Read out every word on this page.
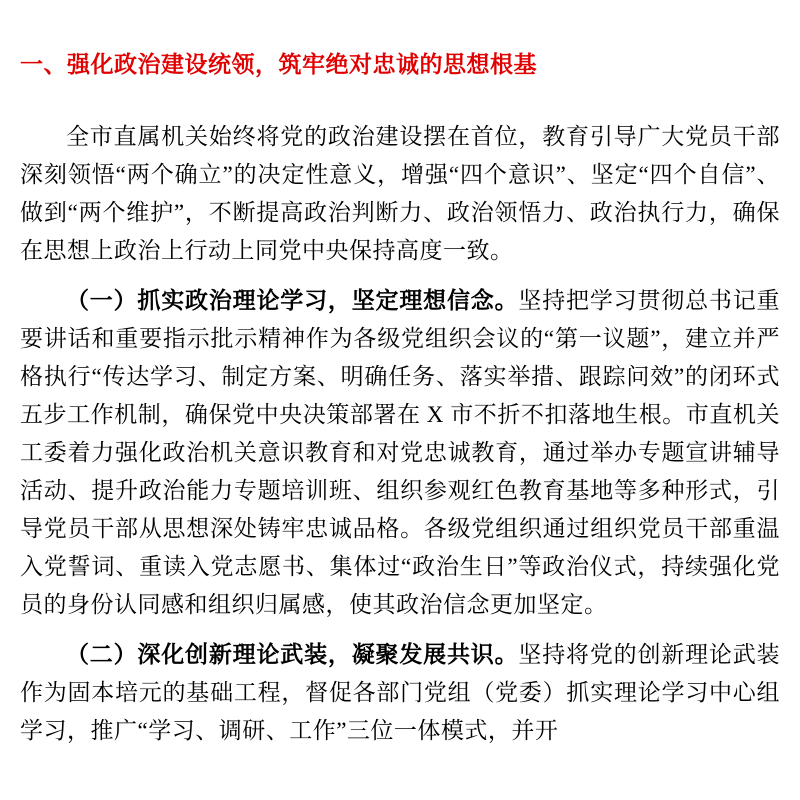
一、强化政治建设统领，筑牢绝对忠诚的思想根基

全市直属机关始终将党的政治建设摆在首位，教育引导广大党员干部深刻领悟“两个确立”的决定性意义，增强“四个意识”、坚定“四个自信”、做到“两个维护”，不断提高政治判断力、政治领悟力、政治执行力，确保在思想上政治上行动上同党中央保持高度一致。

（一）抓实政治理论学习，坚定理想信念。坚持把学习贯彻总书记重要讲话和重要指示批示精神作为各级党组织会议的“第一议题”，建立并严格执行“传达学习、制定方案、明确任务、落实举措、跟踪问效”的闭环式五步工作机制，确保党中央决策部署在 X 市不折不扣落地生根。市直机关工委着力强化政治机关意识教育和对党忠诚教育，通过举办专题宣讲辅导活动、提升政治能力专题培训班、组织参观红色教育基地等多种形式，引导党员干部从思想深处铸牢忠诚品格。各级党组织通过组织党员干部重温入党誓词、重读入党志愿书、集体过“政治生日”等政治仪式，持续强化党员的身份认同感和组织归属感，使其政治信念更加坚定。

（二）深化创新理论武装，凝聚发展共识。坚持将党的创新理论武装作为固本培元的基础工程，督促各部门党组（党委）抓实理论学习中心组学习，推广“学习、调研、工作”三位一体模式，并开
